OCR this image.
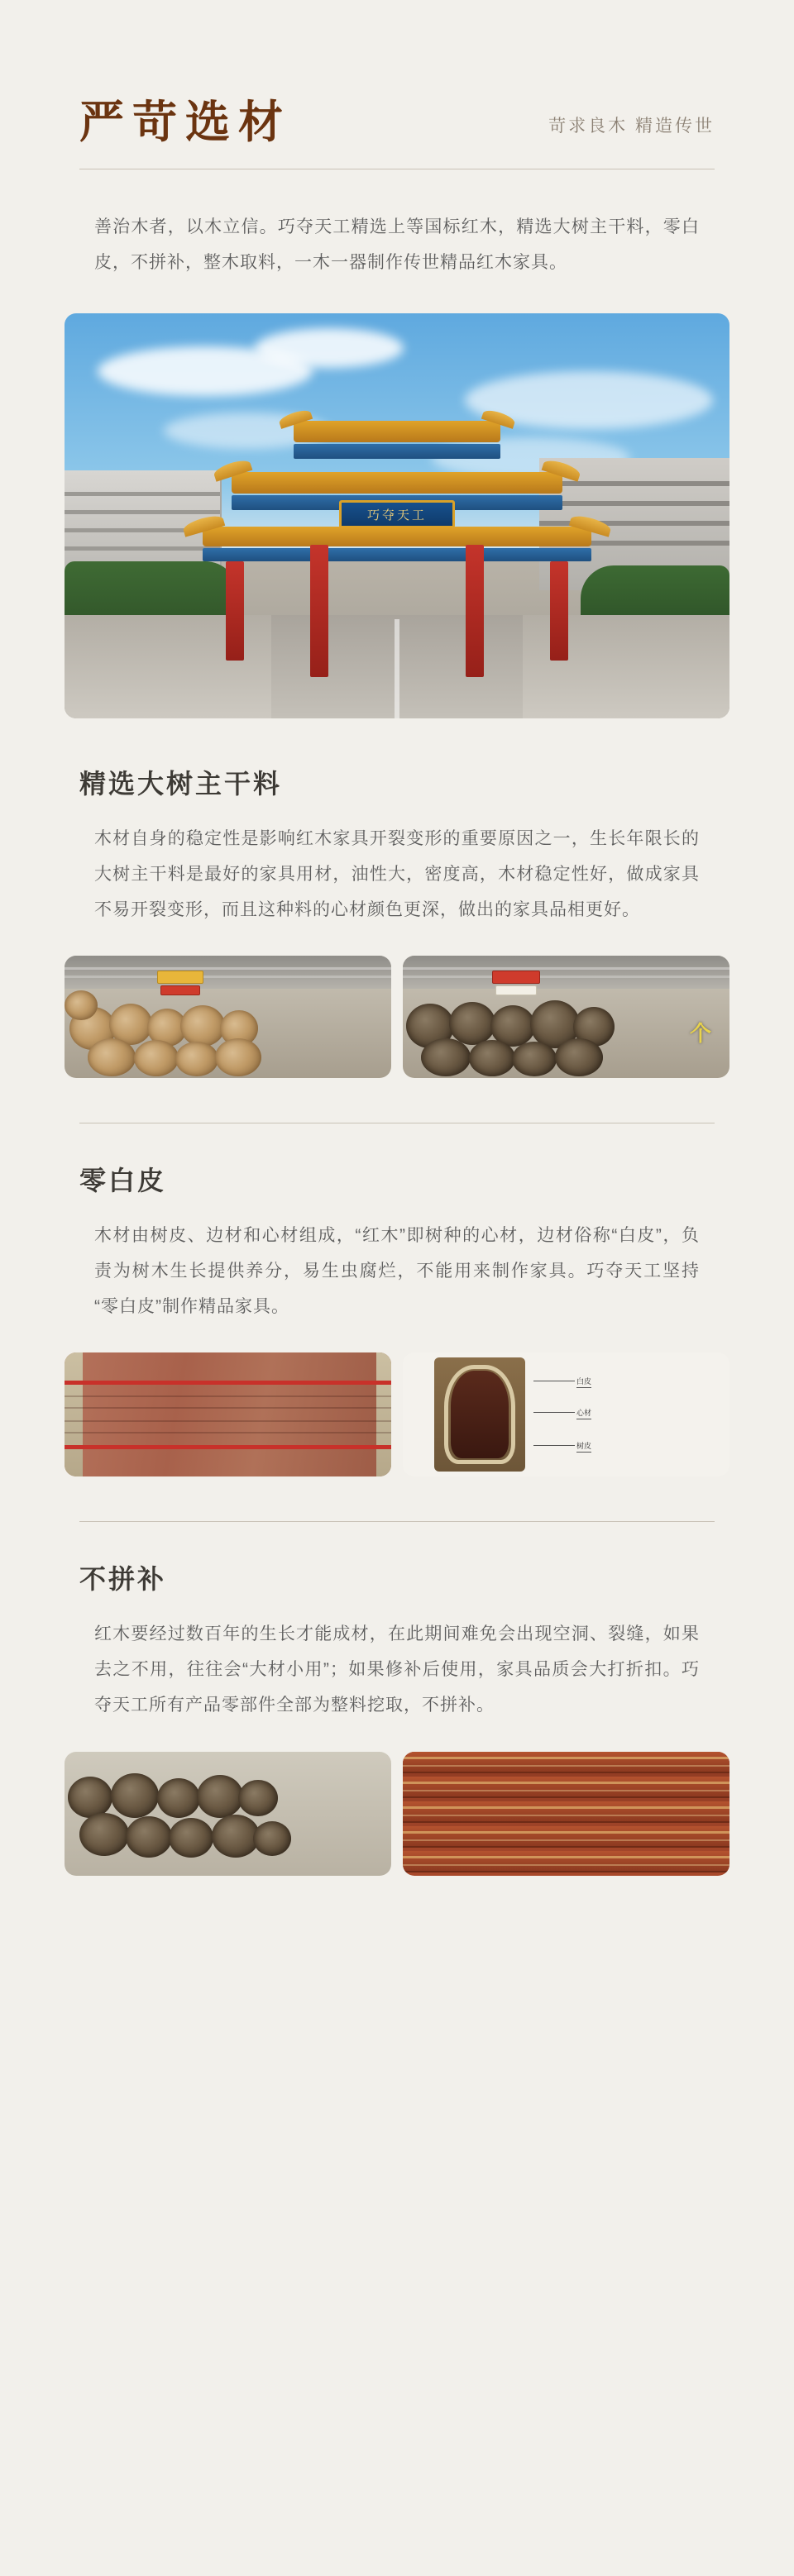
严苛选材	苛求良木 精造传世

善治木者，以木立信。巧夺天工精选上等国标红木，精选大树主干料，零白皮，不拼补，整木取料，一木一器制作传世精品红木家具。

巧夺天工
精选大树主干料

木材自身的稳定性是影响红木家具开裂变形的重要原因之一，生长年限长的大树主干料是最好的家具用材，油性大，密度高，木材稳定性好，做成家具不易开裂变形，而且这种料的心材颜色更深，做出的家具品相更好。

个
零白皮

木材由树皮、边材和心材组成，“红木”即树种的心材，边材俗称“白皮”，负责为树木生长提供养分，易生虫腐烂，不能用来制作家具。巧夺天工坚持“零白皮”制作精品家具。

白皮
心材
树皮
不拼补

红木要经过数百年的生长才能成材，在此期间难免会出现空洞、裂缝，如果去之不用，往往会“大材小用”；如果修补后使用，家具品质会大打折扣。巧夺天工所有产品零部件全部为整料挖取，不拼补。
